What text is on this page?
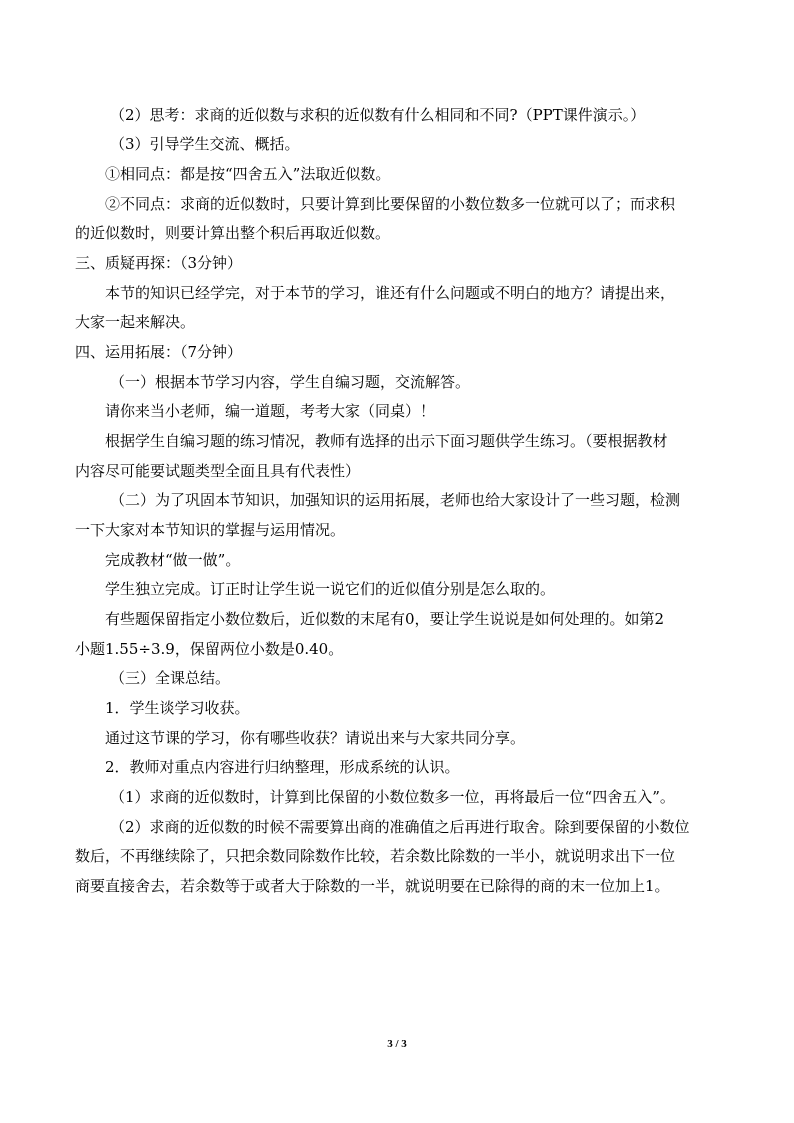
（2）思考：求商的近似数与求积的近似数有什么相同和不同?（PPT课件演示。）
（3）引导学生交流、概括。
①相同点：都是按“四舍五入”法取近似数。
②不同点：求商的近似数时，只要计算到比要保留的小数位数多一位就可以了；而求积
的近似数时，则要计算出整个积后再取近似数。
三、质疑再探：（3分钟）
本节的知识已经学完，对于本节的学习，谁还有什么问题或不明白的地方？请提出来，
大家一起来解决。
四、运用拓展：（7分钟）
（一）根据本节学习内容，学生自编习题，交流解答。
请你来当小老师，编一道题，考考大家（同桌）！
根据学生自编习题的练习情况，教师有选择的出示下面习题供学生练习。（要根据教材
内容尽可能要试题类型全面且具有代表性）
（二）为了巩固本节知识，加强知识的运用拓展，老师也给大家设计了一些习题，检测
一下大家对本节知识的掌握与运用情况。
完成教材“做一做”。
学生独立完成。订正时让学生说一说它们的近似值分别是怎么取的。
有些题保留指定小数位数后，近似数的末尾有0，要让学生说说是如何处理的。如第2
小题1.55÷3.9，保留两位小数是0.40。
（三）全课总结。
1．学生谈学习收获。
通过这节课的学习，你有哪些收获？请说出来与大家共同分享。
2．教师对重点内容进行归纳整理，形成系统的认识。
（1）求商的近似数时，计算到比保留的小数位数多一位，再将最后一位“四舍五入”。
（2）求商的近似数的时候不需要算出商的准确值之后再进行取舍。除到要保留的小数位
数后，不再继续除了，只把余数同除数作比较，若余数比除数的一半小，就说明求出下一位
商要直接舍去，若余数等于或者大于除数的一半，就说明要在已除得的商的末一位加上1。
3 / 3
